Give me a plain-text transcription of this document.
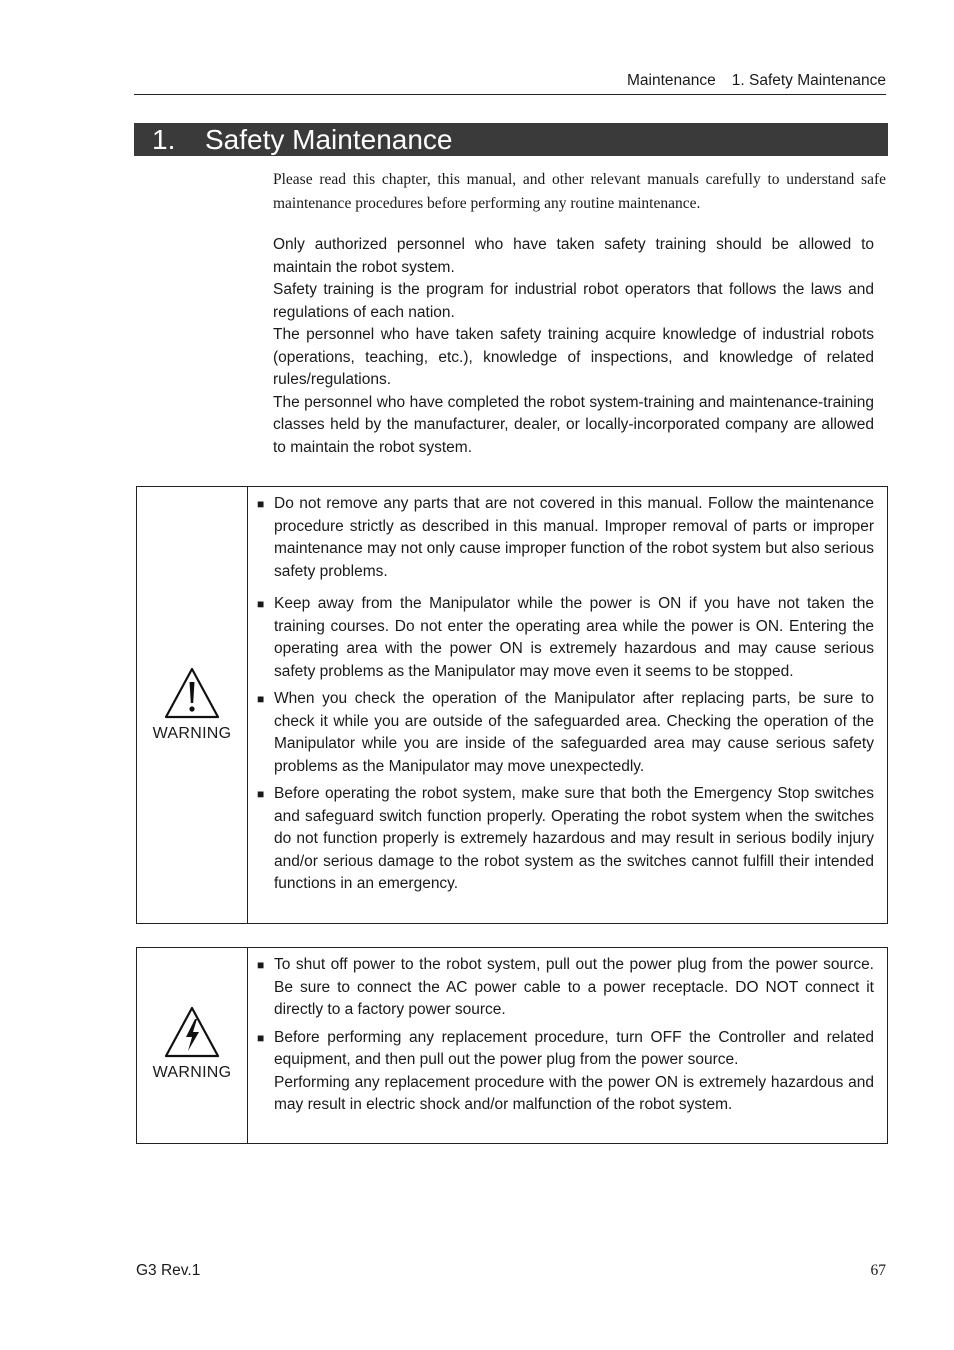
Maintenance 1. Safety Maintenance
1. Safety Maintenance

Please read this chapter, this manual, and other relevant manuals carefully to understand safe maintenance procedures before performing any routine maintenance.

Only authorized personnel who have taken safety training should be allowed to maintain the robot system.

Safety training is the program for industrial robot operators that follows the laws and regulations of each nation.

The personnel who have taken safety training acquire knowledge of industrial robots (operations, teaching, etc.), knowledge of inspections, and knowledge of related rules/regulations.

The personnel who have completed the robot system-training and maintenance-training classes held by the manufacturer, dealer, or locally-incorporated company are allowed to maintain the robot system.

WARNING
■ Do not remove any parts that are not covered in this manual. Follow the maintenance procedure strictly as described in this manual. Improper removal of parts or improper maintenance may not only cause improper function of the robot system but also serious safety problems.
■ Keep away from the Manipulator while the power is ON if you have not taken the training courses. Do not enter the operating area while the power is ON. Entering the operating area with the power ON is extremely hazardous and may cause serious safety problems as the Manipulator may move even it seems to be stopped.
■ When you check the operation of the Manipulator after replacing parts, be sure to check it while you are outside of the safeguarded area. Checking the operation of the Manipulator while you are inside of the safeguarded area may cause serious safety problems as the Manipulator may move unexpectedly.
■ Before operating the robot system, make sure that both the Emergency Stop switches and safeguard switch function properly. Operating the robot system when the switches do not function properly is extremely hazardous and may result in serious bodily injury and/or serious damage to the robot system as the switches cannot fulfill their intended functions in an emergency.
WARNING
■ To shut off power to the robot system, pull out the power plug from the power source. Be sure to connect the AC power cable to a power receptacle. DO NOT connect it directly to a factory power source.
■ Before performing any replacement procedure, turn OFF the Controller and related equipment, and then pull out the power plug from the power source.
Performing any replacement procedure with the power ON is extremely hazardous and may result in electric shock and/or malfunction of the robot system.
G3 Rev.1	67
